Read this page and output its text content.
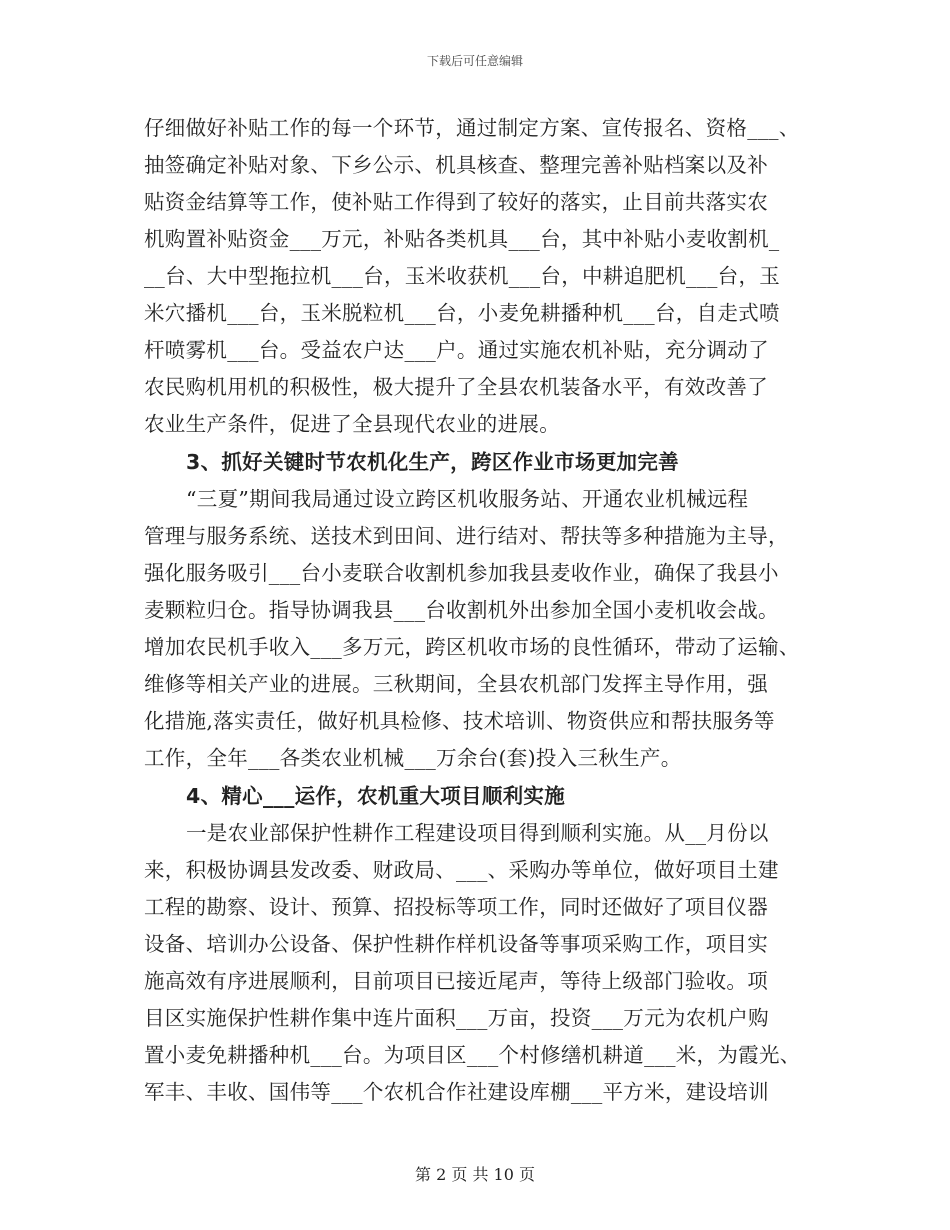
下载后可任意编辑
仔细做好补贴工作的每一个环节，通过制定方案、宣传报名、资格___、
抽签确定补贴对象、下乡公示、机具核查、整理完善补贴档案以及补
贴资金结算等工作，使补贴工作得到了较好的落实，止目前共落实农
机购置补贴资金___万元，补贴各类机具___台，其中补贴小麦收割机_
__台、大中型拖拉机___台，玉米收获机___台，中耕追肥机___台，玉
米穴播机___台，玉米脱粒机___台，小麦免耕播种机___台，自走式喷
杆喷雾机___台。受益农户达___户。通过实施农机补贴，充分调动了
农民购机用机的积极性，极大提升了全县农机装备水平，有效改善了
农业生产条件，促进了全县现代农业的进展。
3、抓好关键时节农机化生产，跨区作业市场更加完善
“三夏”期间我局通过设立跨区机收服务站、开通农业机械远程
管理与服务系统、送技术到田间、进行结对、帮扶等多种措施为主导，
强化服务吸引___台小麦联合收割机参加我县麦收作业，确保了我县小
麦颗粒归仓。指导协调我县___台收割机外出参加全国小麦机收会战。
增加农民机手收入___多万元，跨区机收市场的良性循环，带动了运输、
维修等相关产业的进展。三秋期间，全县农机部门发挥主导作用，强
化措施,落实责任，做好机具检修、技术培训、物资供应和帮扶服务等
工作，全年___各类农业机械___万余台(套)投入三秋生产。
4、精心___运作，农机重大项目顺利实施
一是农业部保护性耕作工程建设项目得到顺利实施。从__月份以
来，积极协调县发改委、财政局、___、采购办等单位，做好项目土建
工程的勘察、设计、预算、招投标等项工作，同时还做好了项目仪器
设备、培训办公设备、保护性耕作样机设备等事项采购工作，项目实
施高效有序进展顺利，目前项目已接近尾声，等待上级部门验收。项
目区实施保护性耕作集中连片面积___万亩，投资___万元为农机户购
置小麦免耕播种机___台。为项目区___个村修缮机耕道___米，为霞光、
军丰、丰收、国伟等___个农机合作社建设库棚___平方米，建设培训
第 2 页 共 10 页
